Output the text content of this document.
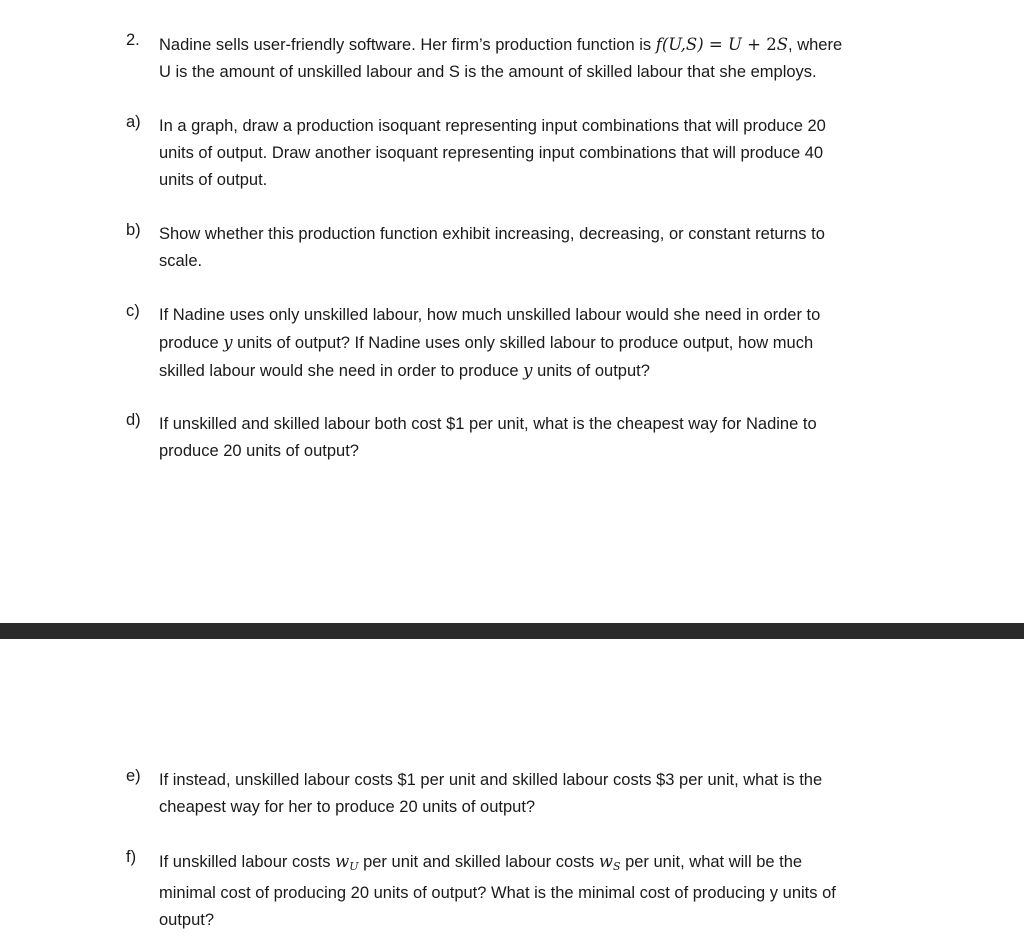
2.	Nadine sells user-friendly software. Her firm’s production function is f(U,S) = U + 2S, where
U is the amount of unskilled labour and S is the amount of skilled labour that she employs.
a)	In a graph, draw a production isoquant representing input combinations that will produce 20
units of output. Draw another isoquant representing input combinations that will produce 40
units of output.
b)	Show whether this production function exhibit increasing, decreasing, or constant returns to
scale.
c)	If Nadine uses only unskilled labour, how much unskilled labour would she need in order to
produce y units of output? If Nadine uses only skilled labour to produce output, how much
skilled labour would she need in order to produce y units of output?
d)	If unskilled and skilled labour both cost $1 per unit, what is the cheapest way for Nadine to
produce 20 units of output?
e)	If instead, unskilled labour costs $1 per unit and skilled labour costs $3 per unit, what is the
cheapest way for her to produce 20 units of output?
f)	If unskilled labour costs $w_U$ per unit and skilled labour costs $w_S$ per unit, what will be the
minimal cost of producing 20 units of output? What is the minimal cost of producing y units of
output?
